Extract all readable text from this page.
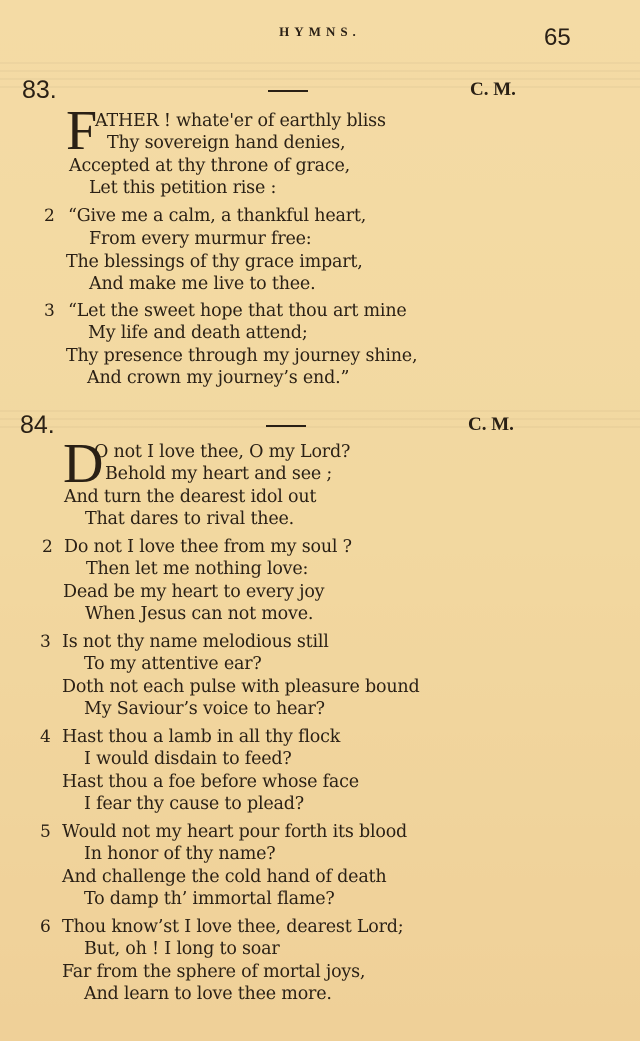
HYMNS.	65
83.	C. M.
F
ATHER ! whate'er of earthly bliss
Thy sovereign hand denies,
Accepted at thy throne of grace,
Let this petition rise :
2 “Give me a calm, a thankful heart,
From every murmur free:
The blessings of thy grace impart,
And make me live to thee.
3 “Let the sweet hope that thou art mine
My life and death attend;
Thy presence through my journey shine,
And crown my journey’s end.”
84.	C. M.
D
O not I love thee, O my Lord?
Behold my heart and see ;
And turn the dearest idol out
That dares to rival thee.
2 Do not I love thee from my soul ?
Then let me nothing love:
Dead be my heart to every joy
When Jesus can not move.
3 Is not thy name melodious still
To my attentive ear?
Doth not each pulse with pleasure bound
My Saviour’s voice to hear?
4 Hast thou a lamb in all thy flock
I would disdain to feed?
Hast thou a foe before whose face
I fear thy cause to plead?
5 Would not my heart pour forth its blood
In honor of thy name?
And challenge the cold hand of death
To damp th’ immortal flame?
6 Thou know’st I love thee, dearest Lord;
But, oh ! I long to soar
Far from the sphere of mortal joys,
And learn to love thee more.
